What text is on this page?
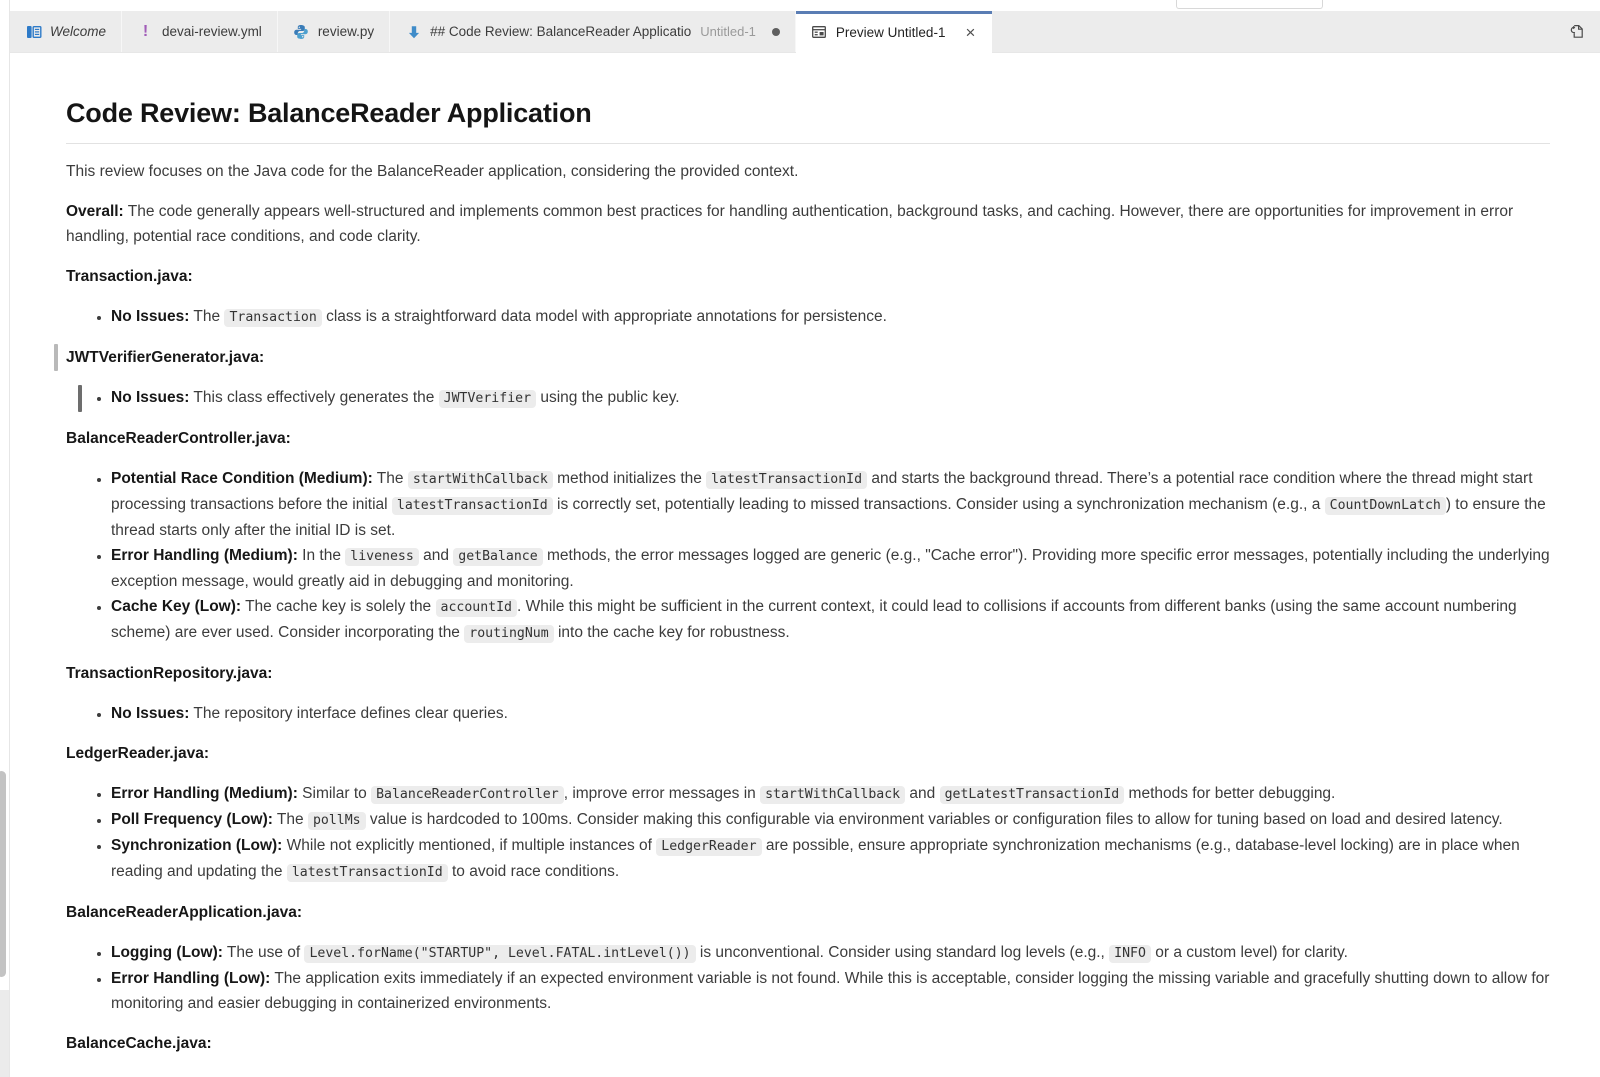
Welcome ! devai-review.yml	review.py	## Code Review: BalanceReader Applicatio Untitled-1	Preview Untitled-1 ×
Code Review: BalanceReader Application

This review focuses on the Java code for the BalanceReader application, considering the provided context.

Overall: The code generally appears well-structured and implements common best practices for handling authentication, background tasks, and caching. However, there are opportunities for improvement in error handling, potential race conditions, and code clarity.

Transaction.java:

• No Issues: The Transaction class is a straightforward data model with appropriate annotations for persistence.

JWTVerifierGenerator.java:

• No Issues: This class effectively generates the JWTVerifier using the public key.

BalanceReaderController.java:

• Potential Race Condition (Medium): The startWithCallback method initializes the latestTransactionId and starts the background thread. There’s a potential race condition where the thread might start processing transactions before the initial latestTransactionId is correctly set, potentially leading to missed transactions. Consider using a synchronization mechanism (e.g., a CountDownLatch ) to ensure the thread starts only after the initial ID is set.
• Error Handling (Medium): In the liveness and getBalance methods, the error messages logged are generic (e.g., "Cache error"). Providing more specific error messages, potentially including the underlying exception message, would greatly aid in debugging and monitoring.
• Cache Key (Low): The cache key is solely the accountId . While this might be sufficient in the current context, it could lead to collisions if accounts from different banks (using the same account numbering scheme) are ever used. Consider incorporating the routingNum into the cache key for robustness.

TransactionRepository.java:

• No Issues: The repository interface defines clear queries.

LedgerReader.java:

• Error Handling (Medium): Similar to BalanceReaderController , improve error messages in startWithCallback and getLatestTransactionId methods for better debugging.
• Poll Frequency (Low): The pollMs value is hardcoded to 100ms. Consider making this configurable via environment variables or configuration files to allow for tuning based on load and desired latency.
• Synchronization (Low): While not explicitly mentioned, if multiple instances of LedgerReader are possible, ensure appropriate synchronization mechanisms (e.g., database-level locking) are in place when reading and updating the latestTransactionId to avoid race conditions.

BalanceReaderApplication.java:

• Logging (Low): The use of Level.forName("STARTUP", Level.FATAL.intLevel()) is unconventional. Consider using standard log levels (e.g., INFO or a custom level) for clarity.
• Error Handling (Low): The application exits immediately if an expected environment variable is not found. While this is acceptable, consider logging the missing variable and gracefully shutting down to allow for monitoring and easier debugging in containerized environments.

BalanceCache.java:
